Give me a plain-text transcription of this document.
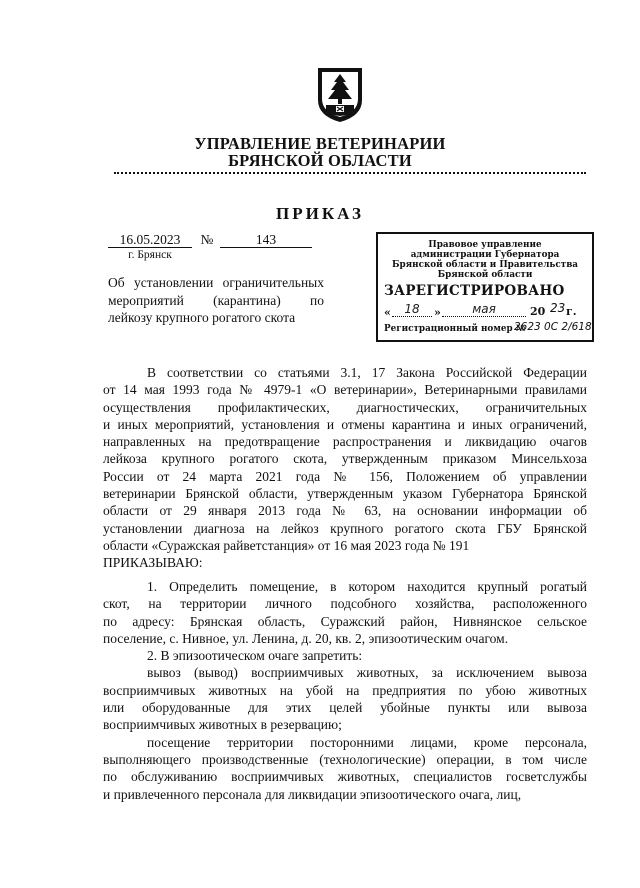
УПРАВЛЕНИЕ ВЕТЕРИНАРИИ
БРЯНСКОЙ ОБЛАСТИ
ПРИКАЗ
16.05.2023	№	143
г. Брянск
Об установлении ограничительных
мероприятий (карантина) по
лейкозу крупного рогатого скота
Правовое управление
администрации Губернатора
Брянской области и Правительства
Брянской области
ЗАРЕГИСТРИРОВАНО
«	18	»	мая	20 23 г.
Регистрационный номер №
2623 0С 2/618
В соответствии со статьями 3.1, 17 Закона Российской Федерации
от 14 мая 1993 года № 4979-1 «О ветеринарии», Ветеринарными правилами
осуществления профилактических, диагностических, ограничительных
и иных мероприятий, установления и отмены карантина и иных ограничений,
направленных на предотвращение распространения и ликвидацию очагов
лейкоза крупного рогатого скота, утвержденным приказом Минсельхоза
России от 24 марта 2021 года № 156, Положением об управлении
ветеринарии Брянской области, утвержденным указом Губернатора Брянской
области от 29 января 2013 года № 63, на основании информации об
установлении диагноза на лейкоз крупного рогатого скота ГБУ Брянской
области «Суражская райветстанция» от 16 мая 2023 года № 191
ПРИКАЗЫВАЮ:
1. Определить помещение, в котором находится крупный рогатый
скот, на территории личного подсобного хозяйства, расположенного
по адресу: Брянская область, Суражский район, Нивнянское сельское
поселение, с. Нивное, ул. Ленина, д. 20, кв. 2, эпизоотическим очагом.
2. В эпизоотическом очаге запретить:
вывоз (вывод) восприимчивых животных, за исключением вывоза
восприимчивых животных на убой на предприятия по убою животных
или оборудованные для этих целей убойные пункты или вывоза
восприимчивых животных в резервацию;
посещение территории посторонними лицами, кроме персонала,
выполняющего производственные (технологические) операции, в том числе
по обслуживанию восприимчивых животных, специалистов госветслужбы
и привлеченного персонала для ликвидации эпизоотического очага, лиц,
